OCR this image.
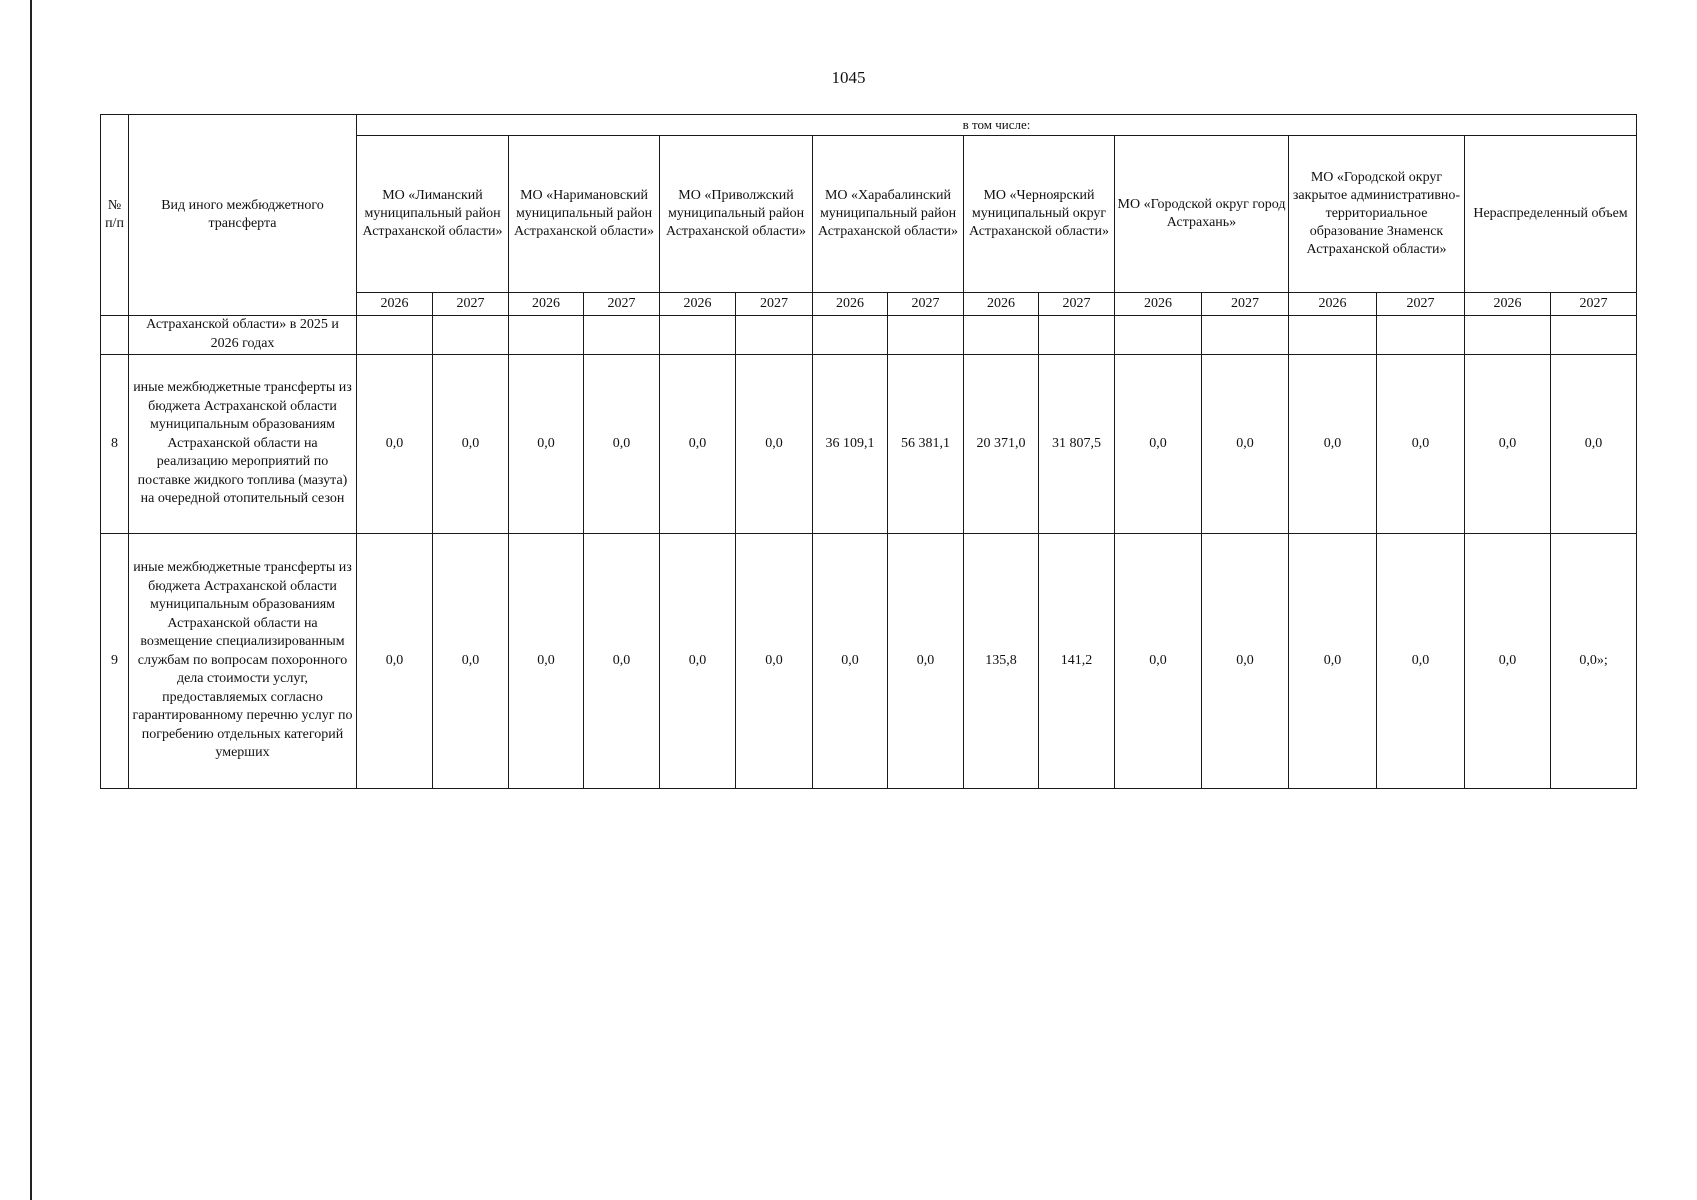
1045
№ п/п	Вид иного межбюджетного трансферта	в том числе:															
		МО «Лиманский муниципальный район Астраханской области»		МО «Наримановский муниципальный район Астраханской области»		МО «Приволжский муниципальный район Астраханской области»		МО «Харабалинский муниципальный район Астраханской области»		МО «Черноярский муниципальный округ Астраханской области»		МО «Городской округ город Астрахань»		МО «Городской округ закрытое административно-территориальное образование Знаменск Астраханской области»		Нераспределенный объем	
		2026	2027	2026	2027	2026	2027	2026	2027	2026	2027	2026	2027	2026	2027	2026	2027
	Астраханской области» в 2025 и 2026 годах																
8	иные межбюджетные трансферты из бюджета Астраханской области муниципальным образованиям Астраханской области на реализацию мероприятий по поставке жидкого топлива (мазута) на очередной отопительный сезон	0,0	0,0	0,0	0,0	0,0	0,0	36 109,1	56 381,1	20 371,0	31 807,5	0,0	0,0	0,0	0,0	0,0	0,0
9	иные межбюджетные трансферты из бюджета Астраханской области муниципальным образованиям Астраханской области на возмещение специализированным службам по вопросам похоронного дела стоимости услуг, предоставляемых согласно гарантированному перечню услуг по погребению отдельных категорий умерших	0,0	0,0	0,0	0,0	0,0	0,0	0,0	0,0	135,8	141,2	0,0	0,0	0,0	0,0	0,0	0,0»;
